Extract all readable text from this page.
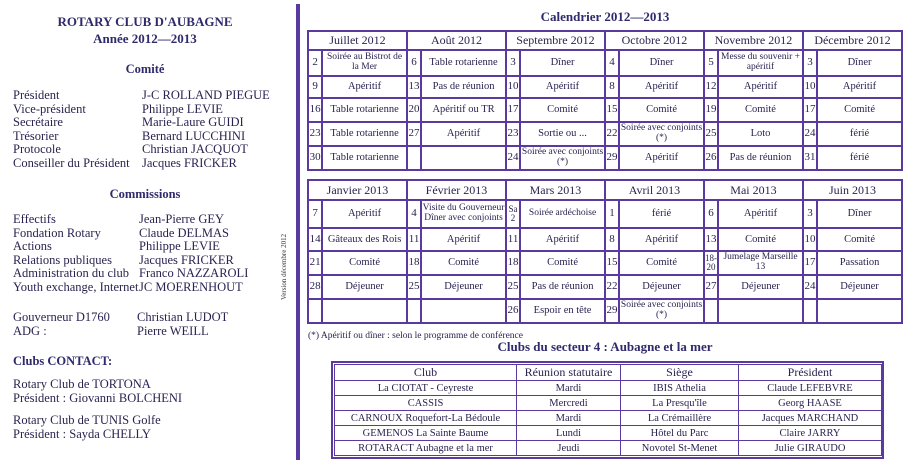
ROTARY CLUB D'AUBAGNE
Année 2012—2013
Comité
Président	J-C ROLLAND PIEGUE
Vice-président	Philippe LEVIE
Secrétaire	Marie-Laure GUIDI
Trésorier	Bernard LUCCHINI
Protocole	Christian JACQUOT
Conseiller du Président Jacques FRICKER
Commissions
Effectifs	Jean-Pierre GEY
Fondation Rotary	Claude DELMAS
Actions	Philippe LEVIE
Relations publiques Jacques FRICKER
Administration du club Franco NAZZAROLI
Youth exchange, Internet JC MOERENHOUT
Gouverneur D1760 Christian LUDOT
ADG :	Pierre WEILL
Clubs CONTACT:
Rotary Club de TORTONA
Président : Giovanni BOLCHENI
Rotary Club de TUNIS Golfe
Président : Sayda CHELLY
Version décembre 2012
Calendrier 2012—2013
Juillet 2012		Août 2012		Septembre 2012		Octobre 2012		Novembre 2012		Décembre 2012	
2	Soirée au Bistrot de la Mer	6	Table rotarienne	3	Dîner	4	Dîner	5	Messe du souvenir + apéritif	3	Dîner
9	Apéritif	13	Pas de réunion	10	Apéritif	8	Apéritif	12	Apéritif	10	Apéritif
16	Table rotarienne	20	Apéritif ou TR	17	Comité	15	Comité	19	Comité	17	Comité
23	Table rotarienne	27	Apéritif	23	Sortie ou ...	22	Soirée avec conjoints (*)	25	Loto	24	férié
30	Table rotarienne			24	Soirée avec conjoints (*)	29	Apéritif	26	Pas de réunion	31	férié
Janvier 2013		Février 2013		Mars 2013		Avril 2013		Mai 2013		Juin 2013	
7	Apéritif	4	Visite du Gouverneur Dîner avec conjoints	Sa 2	Soirée ardéchoise	1	férié	6	Apéritif	3	Dîner
14	Gâteaux des Rois	11	Apéritif	11	Apéritif	8	Apéritif	13	Comité	10	Comité
21	Comité	18	Comité	18	Comité	15	Comité	18-20	Jumelage Marseille 13	17	Passation
28	Déjeuner	25	Déjeuner	25	Pas de réunion	22	Déjeuner	27	Déjeuner	24	Déjeuner
				26	Espoir en tête	29	Soirée avec conjoints (*)				
(*) Apéritif ou dîner : selon le programme de conférence
Clubs du secteur 4 : Aubagne et la mer
Club	Réunion statutaire	Siège	Président
La CIOTAT - Ceyreste	Mardi	IBIS Athelia	Claude LEFEBVRE
CASSIS	Mercredi	La Presqu'île	Georg HAASE
CARNOUX Roquefort-La Bédoule	Mardi	La Crémaillère	Jacques MARCHAND
GEMENOS La Sainte Baume	Lundi	Hôtel du Parc	Claire JARRY
ROTARACT Aubagne et la mer	Jeudi	Novotel St-Menet	Julie GIRAUDO
